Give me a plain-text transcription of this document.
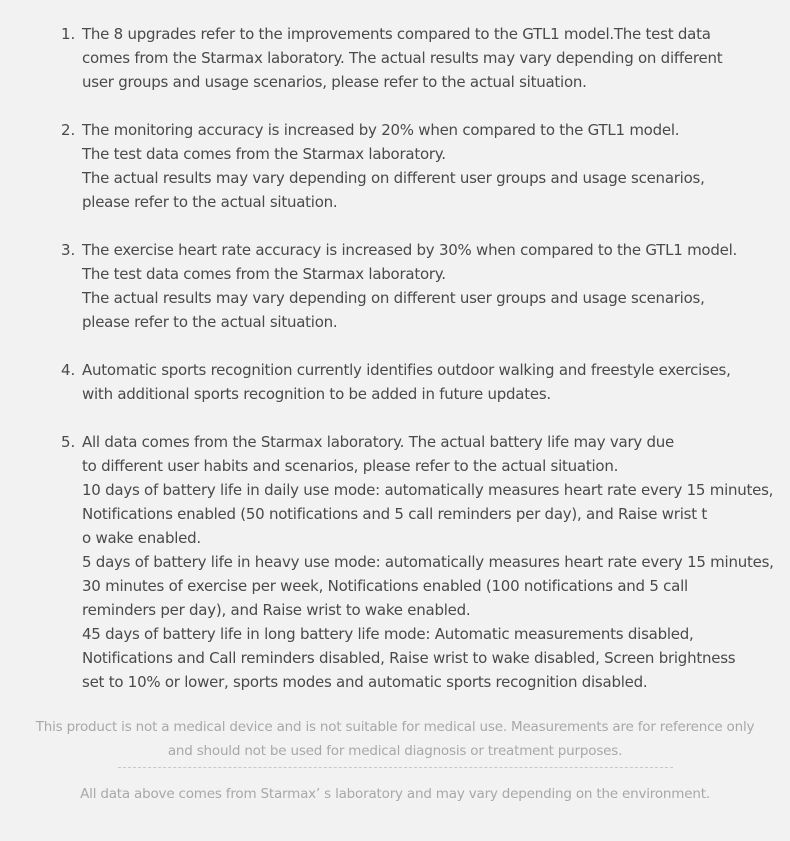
1. The 8 upgrades refer to the improvements compared to the GTL1 model.The test data
comes from the Starmax laboratory. The actual results may vary depending on different
user groups and usage scenarios, please refer to the actual situation.
2. The monitoring accuracy is increased by 20% when compared to the GTL1 model.
The test data comes from the Starmax laboratory.
The actual results may vary depending on different user groups and usage scenarios,
please refer to the actual situation.
3. The exercise heart rate accuracy is increased by 30% when compared to the GTL1 model.
The test data comes from the Starmax laboratory.
The actual results may vary depending on different user groups and usage scenarios,
please refer to the actual situation.
4. Automatic sports recognition currently identifies outdoor walking and freestyle exercises,
with additional sports recognition to be added in future updates.
5. All data comes from the Starmax laboratory. The actual battery life may vary due
to different user habits and scenarios, please refer to the actual situation.
10 days of battery life in daily use mode: automatically measures heart rate every 15 minutes,
Notifications enabled (50 notifications and 5 call reminders per day), and Raise wrist t
o wake enabled.
5 days of battery life in heavy use mode: automatically measures heart rate every 15 minutes,
30 minutes of exercise per week, Notifications enabled (100 notifications and 5 call
reminders per day), and Raise wrist to wake enabled.
45 days of battery life in long battery life mode: Automatic measurements disabled,
Notifications and Call reminders disabled, Raise wrist to wake disabled, Screen brightness
set to 10% or lower, sports modes and automatic sports recognition disabled.
This product is not a medical device and is not suitable for medical use. Measurements are for reference only
and should not be used for medical diagnosis or treatment purposes.
All data above comes from Starmax’ s laboratory and may vary depending on the environment.
